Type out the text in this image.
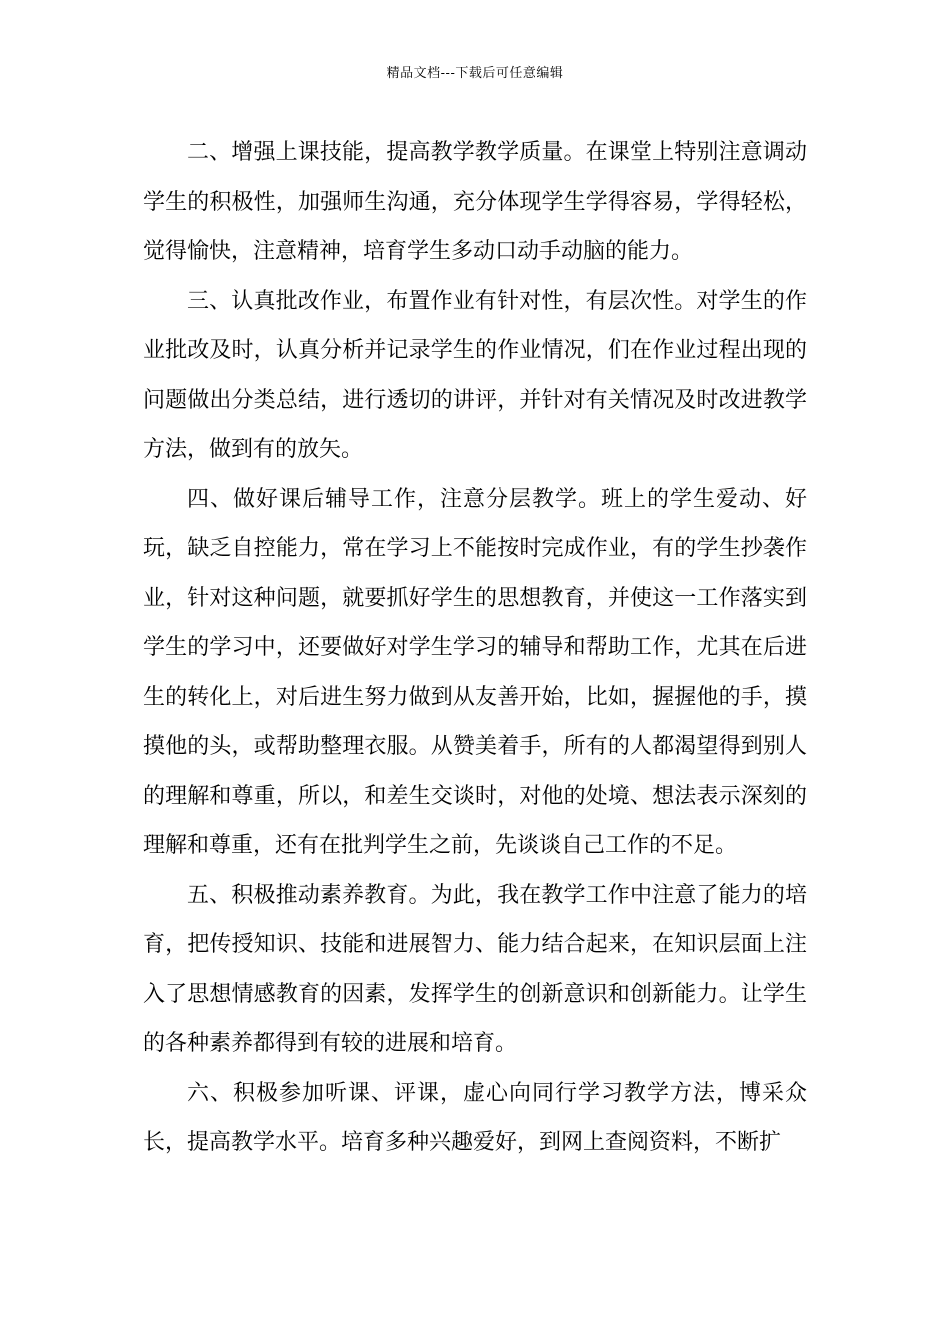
精品文档---下载后可任意编辑

二、增强上课技能，提高教学教学质量。在课堂上特别注意调动学生的积极性，加强师生沟通，充分体现学生学得容易，学得轻松，觉得愉快，注意精神，培育学生多动口动手动脑的能力。

三、认真批改作业，布置作业有针对性，有层次性。对学生的作业批改及时，认真分析并记录学生的作业情况，们在作业过程出现的问题做出分类总结，进行透切的讲评，并针对有关情况及时改进教学方法，做到有的放矢。

四、做好课后辅导工作，注意分层教学。班上的学生爱动、好玩，缺乏自控能力，常在学习上不能按时完成作业，有的学生抄袭作业，针对这种问题，就要抓好学生的思想教育，并使这一工作落实到学生的学习中，还要做好对学生学习的辅导和帮助工作，尤其在后进生的转化上，对后进生努力做到从友善开始，比如，握握他的手，摸摸他的头，或帮助整理衣服。从赞美着手，所有的人都渴望得到别人的理解和尊重，所以，和差生交谈时，对他的处境、想法表示深刻的理解和尊重，还有在批判学生之前，先谈谈自己工作的不足。

五、积极推动素养教育。为此，我在教学工作中注意了能力的培育，把传授知识、技能和进展智力、能力结合起来，在知识层面上注入了思想情感教育的因素，发挥学生的创新意识和创新能力。让学生的各种素养都得到有较的进展和培育。

六、积极参加听课、评课，虚心向同行学习教学方法，博采众长，提高教学水平。培育多种兴趣爱好，到网上查阅资料，不断扩
